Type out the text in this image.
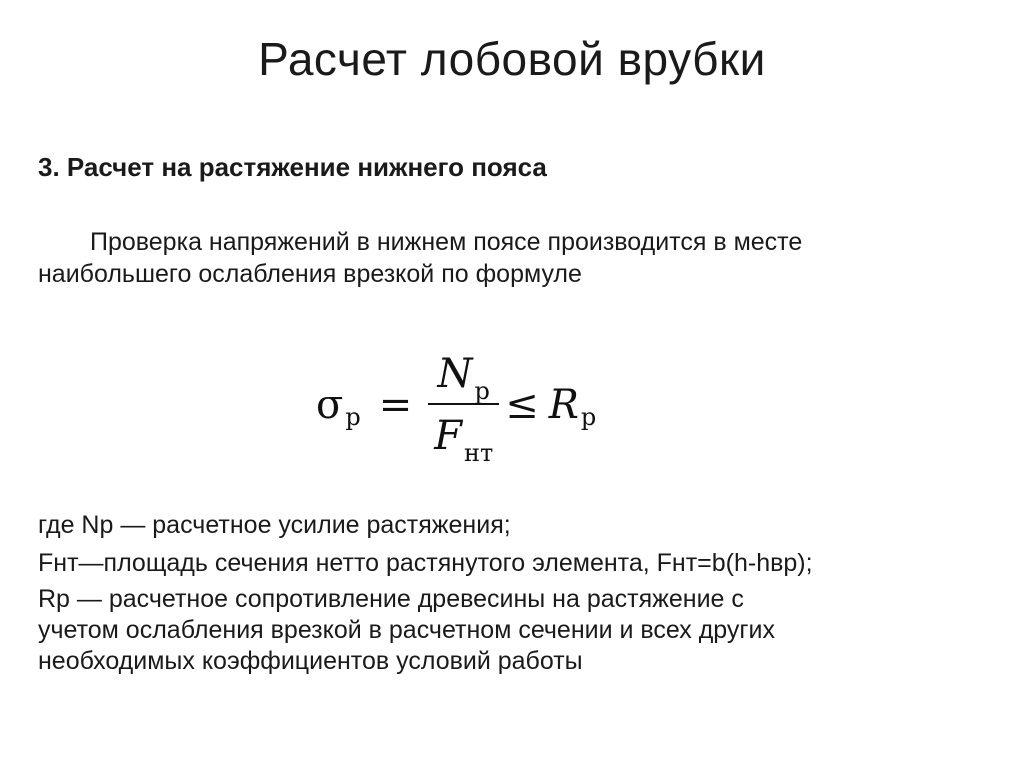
Расчет лобовой врубки
3. Расчет на растяжение нижнего пояса

Проверка напряжений в нижнем поясе производится в месте
наибольшего ослабления врезкой по формуле

σ $р = \frac{N_р}{F_{нт}} \le R$ р
где Nр — расчетное усилие растяжения;
Fнт—площадь сечения нетто растянутого элемента, Fнт=b(h-hвр);
Rр — расчетное сопротивление древесины на растяжение с
учетом ослабления врезкой в расчетном сечении и всех других
необходимых коэффициентов условий работы
